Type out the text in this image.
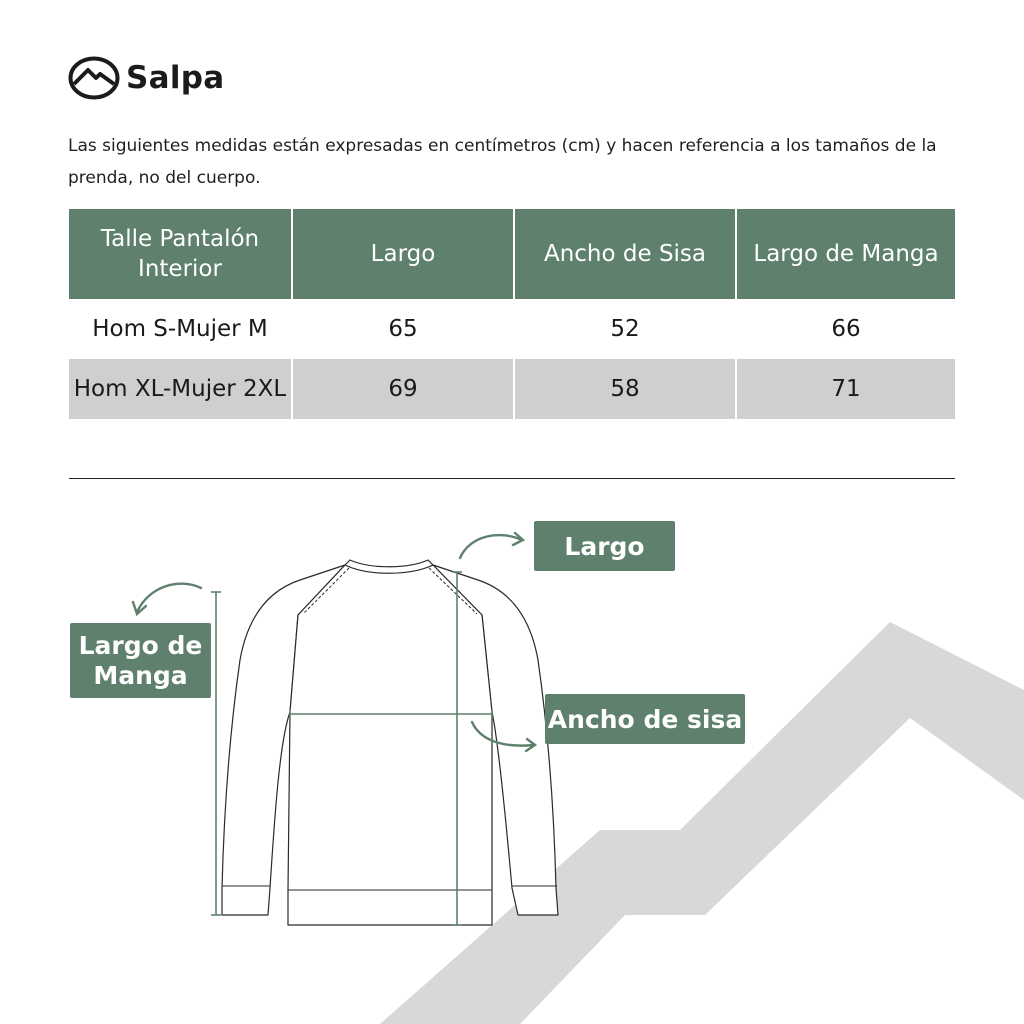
Salpa

Las siguientes medidas están expresadas en centímetros (cm) y hacen referencia a los tamaños de la prenda, no del cuerpo.

Talle Pantalón Interior	Largo	Ancho de Sisa	Largo de Manga
Hom S-Mujer M	65	52	66
Hom XL-Mujer 2XL	69	58	71
Largo
Ancho de sisa
Largo de Manga
